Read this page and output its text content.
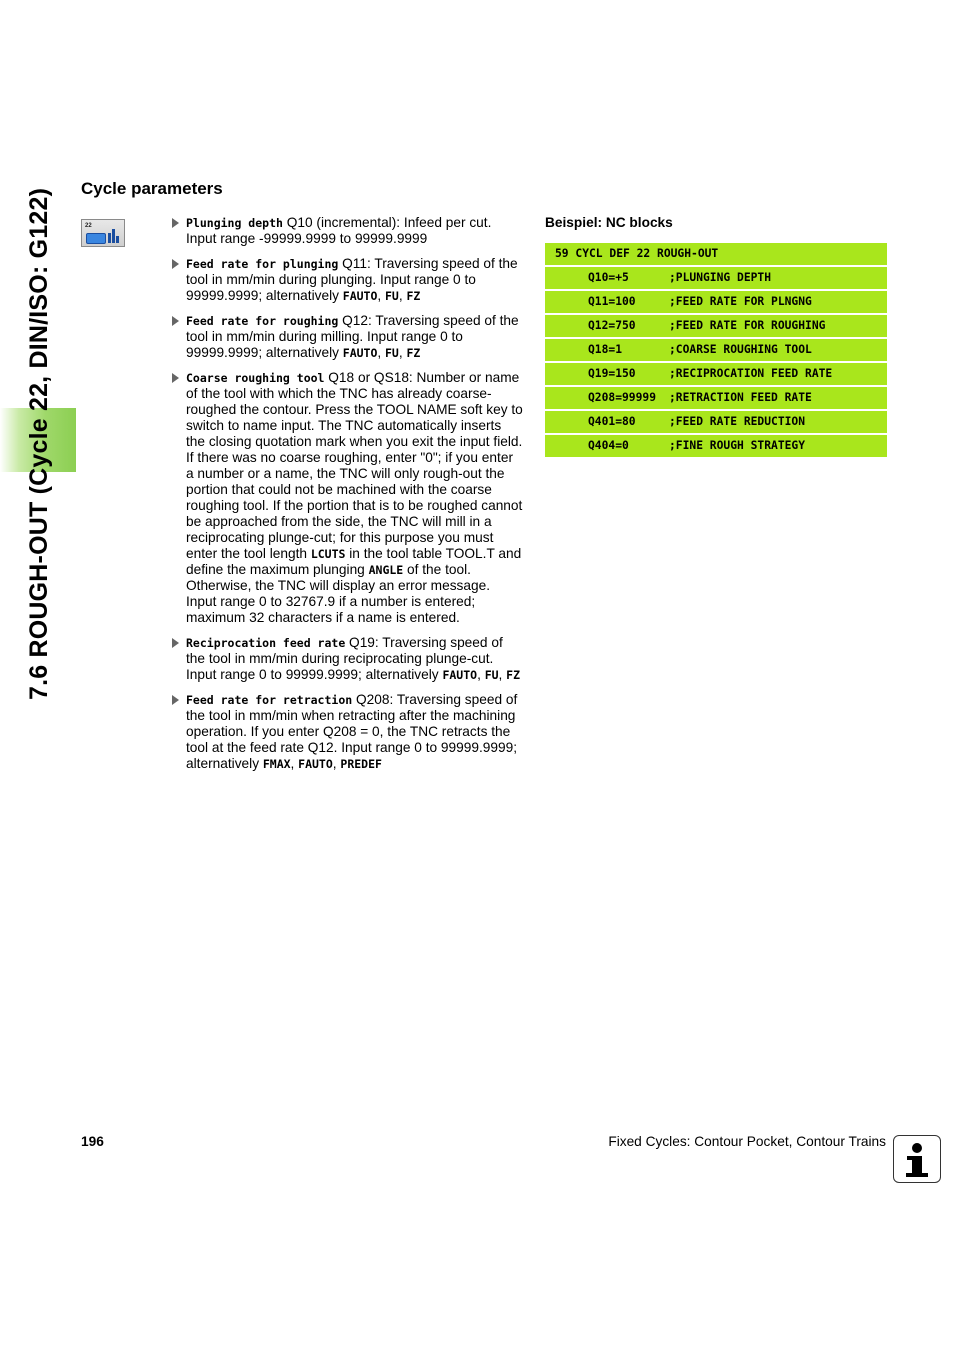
7.6 ROUGH-OUT (Cycle 22, DIN/ISO: G122) Cycle parameters
22	Plunging depth Q10 (incremental): Infeed per cut. Input range -99999.9999 to 99999.9999
Feed rate for plunging Q11: Traversing speed of the tool in mm/min during plunging. Input range 0 to 99999.9999; alternatively FAUTO, FU, FZ
Feed rate for roughing Q12: Traversing speed of the tool in mm/min during milling. Input range 0 to 99999.9999; alternatively FAUTO, FU, FZ
Coarse roughing tool Q18 or QS18: Number or name of the tool with which the TNC has already coarse-roughed the contour. Press the TOOL NAME soft key to switch to name input. The TNC automatically inserts the closing quotation mark when you exit the input field. If there was no coarse roughing, enter "0"; if you enter a number or a name, the TNC will only rough-out the portion that could not be machined with the coarse roughing tool. If the portion that is to be roughed cannot be approached from the side, the TNC will mill in a reciprocating plunge-cut; for this purpose you must enter the tool length LCUTS in the tool table TOOL.T and define the maximum plunging ANGLE of the tool. Otherwise, the TNC will display an error message. Input range 0 to 32767.9 if a number is entered; maximum 32 characters if a name is entered.
Reciprocation feed rate Q19: Traversing speed of the tool in mm/min during reciprocating plunge-cut. Input range 0 to 99999.9999; alternatively FAUTO, FU, FZ
Feed rate for retraction Q208: Traversing speed of the tool in mm/min when retracting after the machining operation. If you enter Q208 = 0, the TNC retracts the tool at the feed rate Q12. Input range 0 to 99999.9999; alternatively FMAX, FAUTO, PREDEF
Beispiel: NC blocks
59 CYCL DEF 22 ROUGH-OUT
Q10=+5	;PLUNGING DEPTH
Q11=100	;FEED RATE FOR PLNGNG
Q12=750	;FEED RATE FOR ROUGHING
Q18=1	;COARSE ROUGHING TOOL
Q19=150	;RECIPROCATION FEED RATE
Q208=99999 ;RETRACTION FEED RATE
Q401=80	;FEED RATE REDUCTION
Q404=0	;FINE ROUGH STRATEGY
196	Fixed Cycles: Contour Pocket, Contour Trains
